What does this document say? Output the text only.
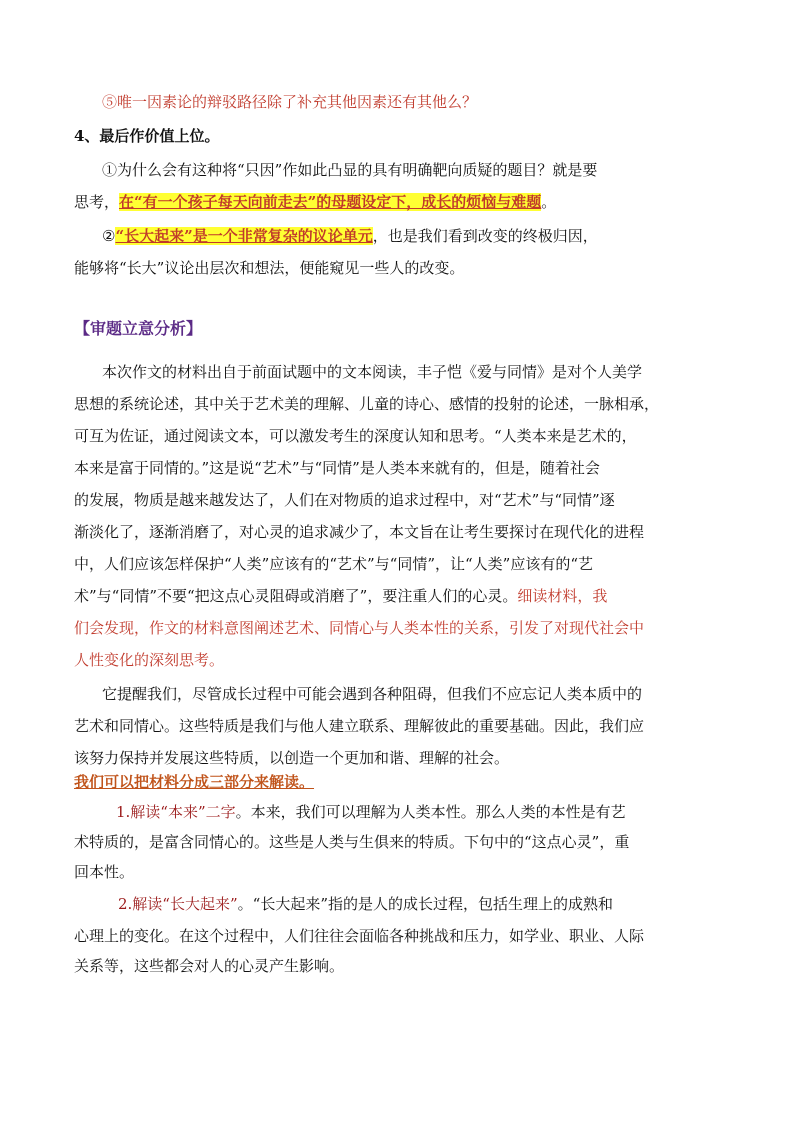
⑤唯一因素论的辩驳路径除了补充其他因素还有其他么？
4、最后作价值上位。
①为什么会有这种将“只因”作如此凸显的具有明确靶向质疑的题目？就是要
思考，在“有一个孩子每天向前走去”的母题设定下，成长的烦恼与难题。
②“长大起来”是一个非常复杂的议论单元，也是我们看到改变的终极归因，
能够将“长大”议论出层次和想法，便能窥见一些人的改变。
【审题立意分析】
本次作文的材料出自于前面试题中的文本阅读，丰子恺《爱与同情》是对个人美学
思想的系统论述，其中关于艺术美的理解、儿童的诗心、感情的投射的论述，一脉相承，
可互为佐证，通过阅读文本，可以激发考生的深度认知和思考。“人类本来是艺术的，
本来是富于同情的。”这是说“艺术”与“同情”是人类本来就有的，但是，随着社会
的发展，物质是越来越发达了，人们在对物质的追求过程中，对“艺术”与“同情”逐
渐淡化了，逐渐消磨了，对心灵的追求减少了，本文旨在让考生要探讨在现代化的进程
中，人们应该怎样保护“人类”应该有的“艺术”与“同情”，让“人类”应该有的“艺
术”与“同情”不要“把这点心灵阻碍或消磨了”，要注重人们的心灵。细读材料，我
们会发现，作文的材料意图阐述艺术、同情心与人类本性的关系，引发了对现代社会中
人性变化的深刻思考。
它提醒我们，尽管成长过程中可能会遇到各种阻碍，但我们不应忘记人类本质中的
艺术和同情心。这些特质是我们与他人建立联系、理解彼此的重要基础。因此，我们应
该努力保持并发展这些特质，以创造一个更加和谐、理解的社会。
我们可以把材料分成三部分来解读。
1.解读“本来”二字。本来，我们可以理解为人类本性。那么人类的本性是有艺
术特质的，是富含同情心的。这些是人类与生俱来的特质。下句中的“这点心灵”，重
回本性。
2.解读“长大起来”。“长大起来”指的是人的成长过程，包括生理上的成熟和
心理上的变化。在这个过程中，人们往往会面临各种挑战和压力，如学业、职业、人际
关系等，这些都会对人的心灵产生影响。
